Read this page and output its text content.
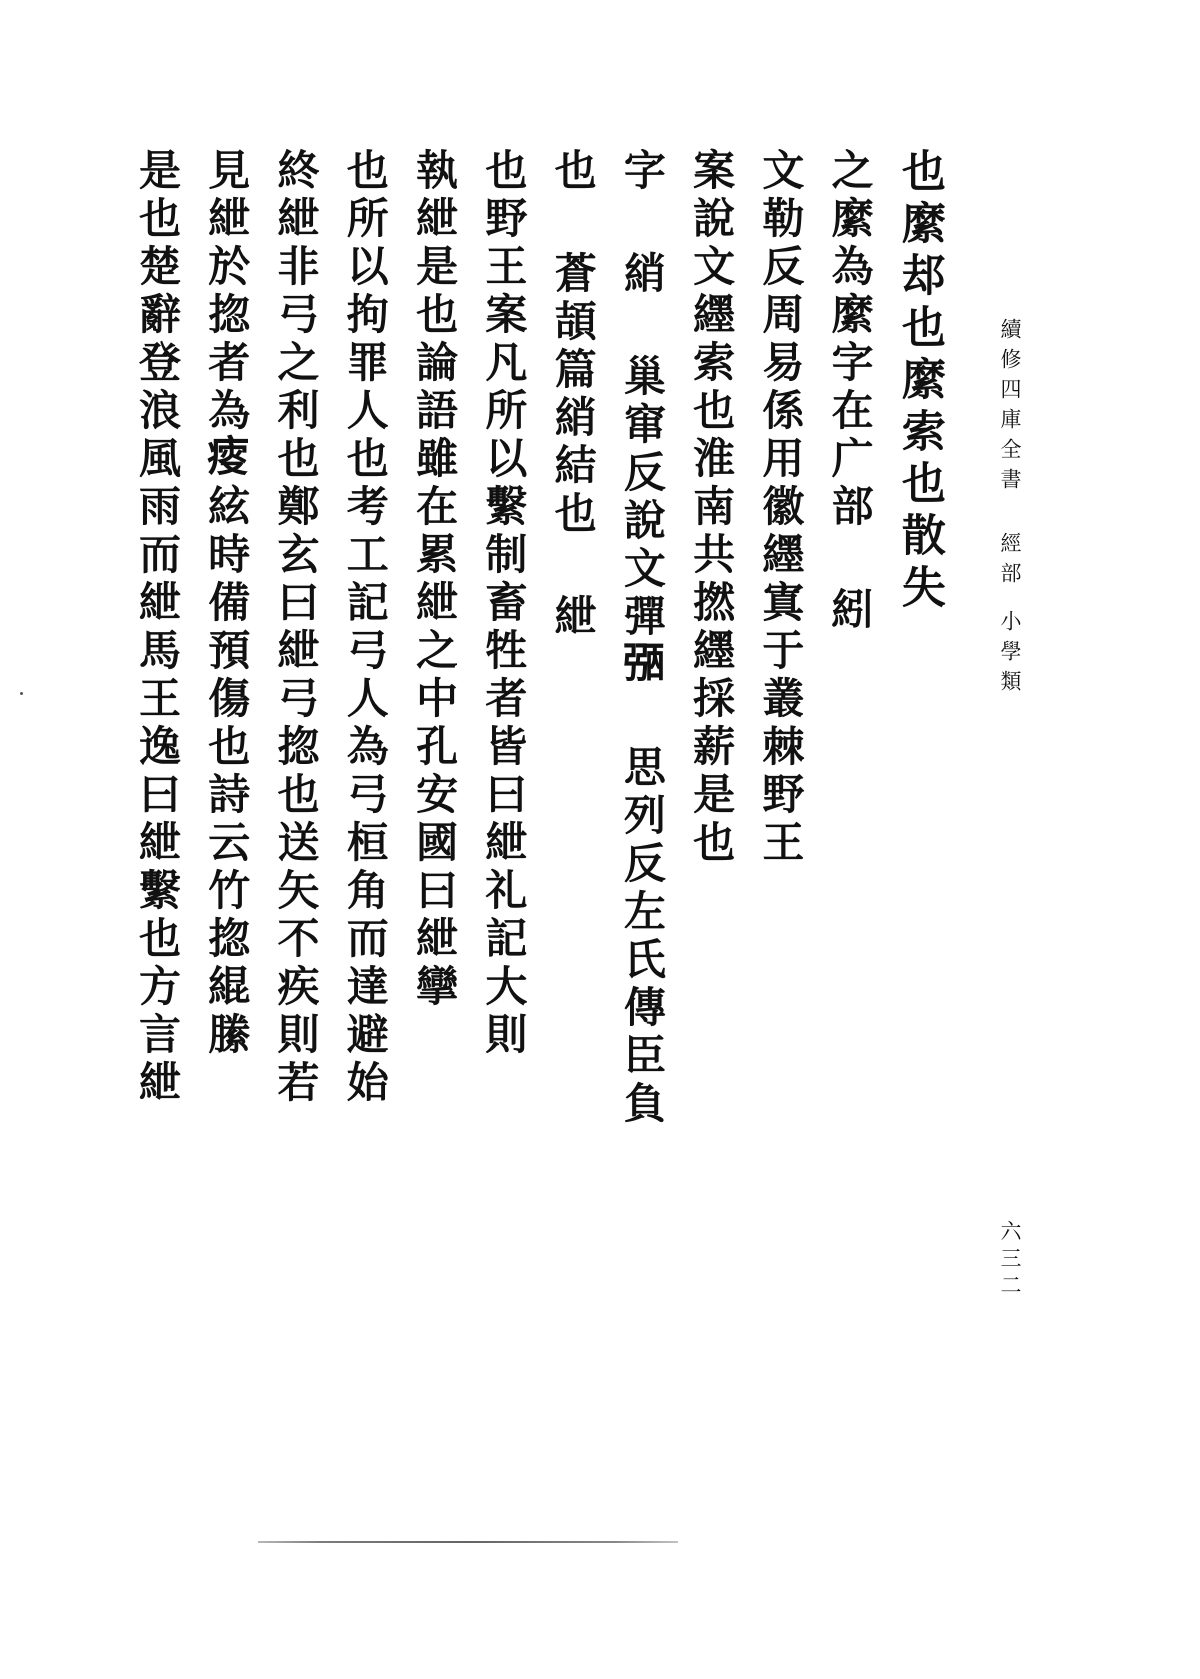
也縻𨚫也縻索也散失
之縻為縻字在广部 紖
文勒反周易係用徽纆寘于叢棘野王
案說文纆索也淮南共撚纆採薪是也
字 綃 巢窜反說文彈𢐀 思列反左氏傳臣負
也 蒼頡篇綃結也 紲
也野王案凡所以繫制畜牲者皆曰紲礼記大則
執紲是也論語雖在累紲之中孔安國曰紲攣
也所以拘罪人也考工記弓人為弓桓角而達避始
終紲非弓之利也鄭玄曰紲弓㧾也送矢不疾則若
見紲於㧾者為𤸃絃時備預傷也詩云竹㧾緄縢
是也楚辭登浪風雨而紲馬王逸曰紲繫也方言紲	續修四庫全書經部小學類
六三二
